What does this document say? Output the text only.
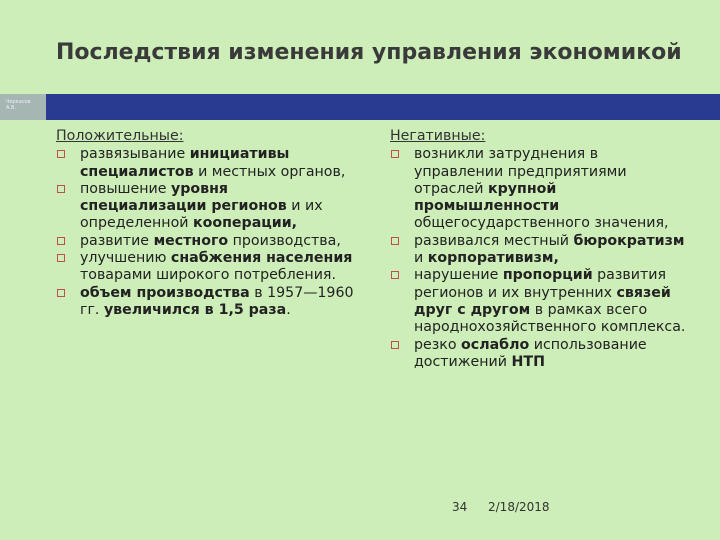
Последствия изменения управления экономикой
Черкасов А.В.
Положительные:
развязывание инициативы специалистов и местных органов,
повышение уровня специализации регионов и их определенной кооперации,
развитие местного производства,
улучшению снабжения населения товарами широкого потребления.
объем производства в 1957—1960 гг. увеличился в 1,5 раза.
Негативные:
возникли затруднения в управлении предприятиями отраслей крупной промышленности общегосударственного значения,
развивался местный бюрократизм и корпоративизм,
нарушение пропорций развития регионов и их внутренних связей друг с другом в рамках всего народнохозяйственного комплекса.
резко ослабло использование достижений НТП
34 2/18/2018
